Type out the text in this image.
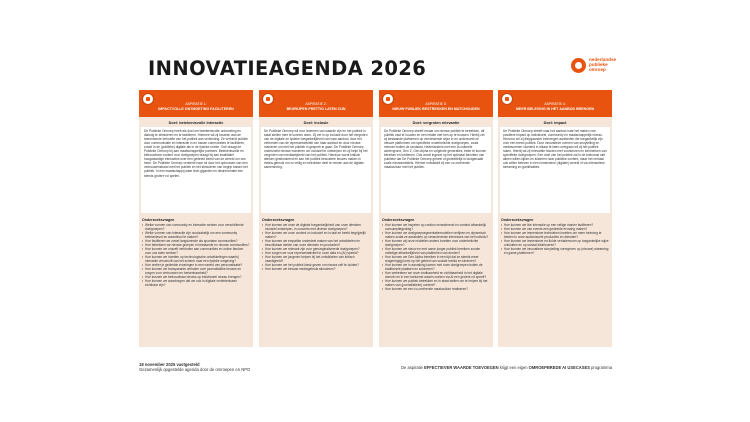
INNOVATIEAGENDA 2026	nederlandse
publieke
omroep
ASPIRATIE 1:
IMPACTVOLLE ONTMOETING FACILITEREN
Doel: betekenisvolle interactie
De Publieke Omroep heeft als doel om betekenisvolle ontmoeting en dialoog te stimuleren en te faciliteren. Hiermee wil zij bouwen aan de toenemende behoefte van het publiek aan verbinding. Ze verbindt publiek door communicatie en interactie in en tussen communities te faciliteren, zowel in de (publieke) digitale als in de fysieke ruimte. Ook draagt de Publieke Omroep bij aan maatschappelijke partners. Betekenisvolle en betrouwbare content voor doelgroepen draagt bij aan kwalitatief hoogwaardige interacties over een gedeeld beeld van de wereld om ons heen. De Publieke Omroep versterkt haar rol door het opbouwen van een vertrouwensband met het publiek en het stimuleren van begrip tussen het publiek. In een maatschappij waar tech-giganten en desinformatie een steeds grotere rol spelen.
Onderzoeksvragen
• Welke vormen van community en interactie werken voor verschillende doelgroepen?
• Welke vormen van interactie zijn noodzakelijk om een community betekenisvol en waardevol te maken?
• Hoe faciliteren we zowel langdurende als spontane communities?
• Hoe betrekken we nieuwe groepen in bestaande en nieuwe communities?
• Hoe kunnen we onszelf verbinden aan communities en online fandom voor ons talen werken?
• Hoe kunnen we inzetten op technologische ontwikkelingen waarbij interactie verschuift van het scherm naar een fysieke omgeving?
• Hoe creëer je gedeelde ervaringen in een wereld van personalisatie?
• Hoe kunnen we transparante verhalen over journalistieke keuzes en zorgen voor vertrouwen en herkenbaarheid?
• Hoe kunnen we betrouwbaar nieuws op individueel niveau brengen?
• Hoe kunnen we waarborgen dat we ook in digitale verbintenissen zichtbaar zijn?
ASPIRATIE 2:
BEGRIJPEN PRETTIG LATEN ZIJN
Doel: inclusie
De Publieke Omroep wil voor iedereen van waarde zijn en het publiek in staat stellen mee te kunnen doen. Zij zet in op inclusie door het vergroten van de digitale en fysieke toegankelijkheid van haar aanbod, door het verbreden van de representativiteit van haar aanbod en door nieuwe manieren om met het publiek in gesprek te gaan. De Publieke Omroep onderzoekt nieuwe manieren om inclusief te ontwerpen en zij helpt bij het vergroten van mediawijsheid van het publiek. Hierdoor wordt kritisch denken gestimuleerd en kan het publiek bewustere keuzes maken in media-gebruik om zo veilig en betrokken deel te nemen aan de digitale samenleving.
Onderzoeksvragen
• Hoe kunnen we onze de digitale toegankelijkheid van onze diensten inclusief ontwerpen, in concreto met diverse doelgroepen?
• Hoe kunnen we onze content zo inclusief en in taal en beeld begrijpelijk maken?
• Hoe kunnen we empathie onderdeel maken van het ontwikkelen en beschikbaar stellen van onze diensten en producten?
• Hoe kunnen we relevant zijn voor gemarginaliseerde doelgroepen?
• Hoe zorgen we voor representativiteit in onze data en (AI) speeld?
• Hoe kunnen we jongeren helpen bij het ontwikkelen van kritisch vaardigheid?
• Hoe kunnen we het publiek kiesk geven om nieuws zelf te duiden?
• Hoe kunnen we bewust mediagebruik stimuleren?
ASPIRATIE 3:
NIEUW PUBLIEK BESTREKKEN EN MATCHOUDEN
Doel: vergroten relevantie
De Publieke Omroep streeft ernaar om nieuwe publiek te betrekken, dit publiek vast te houden en een relatie met hen op te bouwen. Hierbij zet zij bestaande platformen op verniewende wijze in en onderzoekt ze nieuwe platformen om specifieke onderbelichte doelgroepen, zoals mensen buiten de randstad, Nederlanders met een bi-culturele achtergrond, Gen Z, Gen Alpha en volgende generaties, beter te kunnen bereiken en bedienen. Ook wordt ingezet op het optimaal benutten van publieke dat De Publieke Omroep geheel of gedeeltelijk is budgetcaalt zoals nieuwsmiddels. Hiertoe ontwikkelt zij een co-creërende maakcultuur met het publiek.
Onderzoeksvragen
• Hoe kunnen we inspelen op continu veranderend en context-afhankelijk consumptiegedrag?
• Hoe kunnen we doelgroepsegmentatiemodellen verfijnen en dynamisch maken zodat ze aansluiten op veranderende interesses van het individu?
• Hoe kunnen wij onze middelen anders inzetten voor onderbelichte doelgroepen?
• Hoe kunnen we nieuw en met name jonger publiek bereiken zonder volledige afhankelijkheid van platformen van derden?
• Hoe kunnen we Gen Alpha bereiken in een tijd dat ze steeds meer reageringsjg komt op het gebied van sociale media en kinderen?
• Hoe kunnen we in aanraking komen met onze doelgroepen buiten de traditionele plaatsen en schermen?
• Hoe verbeteren we onze vindbaarheid en zichtbaarheid in het digitale domein en in een toekomst waarin zoeken via AI een grotere rol speelt?
• Hoe kunnen we publiek betrekken en in staat stellen om te helpen bij het maken van (journalistieke) content?
• Hoe kunnen we een co-creërende maakcultuur realiseren?
ASPIRATIE 4:
MEER BELEVING IN HET AANBOD BRENGEN
Doel: impact
De Publieke Omroep streeft naar het aanbod naar het maken van positieve impact op individueel, community en maatschappelijk niveau. Hiervoor wil zij diepgaander belevingen aanbieden die toegankelijk zijn voor een breed publiek. Door innovatieve vormen van storytelling en mediavormen vloeiend in elkaar te laten overgaan wil zij het publiek raken. Hierbij wil zij relevantie houden met voorkeuren en kenmerken van specifieke doelgroepen. Een doel van het publiek zal in de toekomst niet alleen willen kijken en luisteren naar publieke content, maar het verhaal ook willen beleven in een immersieve (digitale) wereld of via interactieve streaming en gamificaties.
Onderzoeksvragen
• Hoe kunnen we live interactie op een veilige manier faciliteren?
• Hoe kunnen we van events een gedeelde ervaring maken?
• Hoe kunnen we immersieve technieken inzetten om meer beleving te bieden in onze audiovisuele producties en diensten?
• Hoe kunnen we immersieve en fluïde verhalenvorm op toegankelijke wijze ontsluiten en op schaal distribueren?
• Hoe kunnen we innovatieve storytelling vormgeven op (nieuwe) streaming en game-platformen?
18 november 2025 vastgesteld
Gezamenlijk opgestelde agenda door de omroepen en NPO	De aspiratie EFFECTIEVER WAARDE TOEVOEGEN krijgt een eigen OMROEPBREDE AI USECASES programma
